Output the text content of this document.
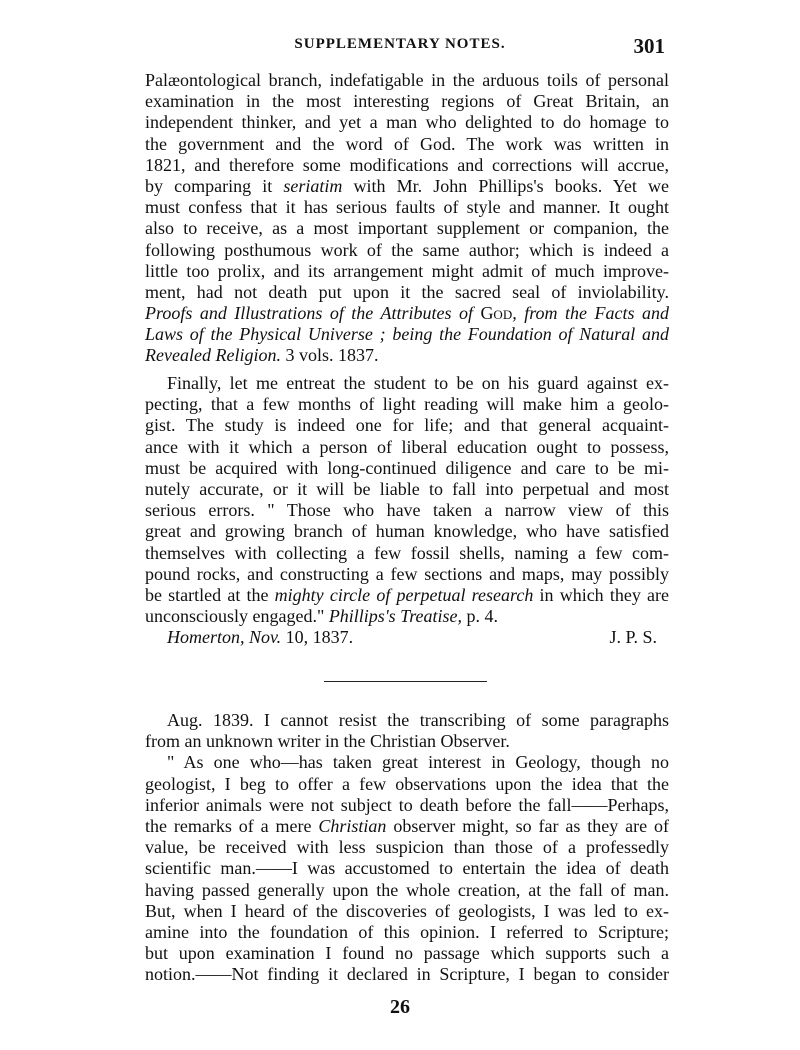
SUPPLEMENTARY NOTES.	301
Palæontological branch, indefatigable in the arduous toils of personal
examination in the most interesting regions of Great Britain, an
independent thinker, and yet a man who delighted to do homage to
the government and the word of God. The work was written in
1821, and therefore some modifications and corrections will accrue,
by comparing it seriatim with Mr. John Phillips's books. Yet we
must confess that it has serious faults of style and manner. It ought
also to receive, as a most important supplement or companion, the
following posthumous work of the same author; which is indeed a
little too prolix, and its arrangement might admit of much improve-
ment, had not death put upon it the sacred seal of inviolability.
Proofs and Illustrations of the Attributes of God, from the Facts and
Laws of the Physical Universe ; being the Foundation of Natural and
Revealed Religion. 3 vols. 1837.
Finally, let me entreat the student to be on his guard against ex-
pecting, that a few months of light reading will make him a geolo-
gist. The study is indeed one for life; and that general acquaint-
ance with it which a person of liberal education ought to possess,
must be acquired with long-continued diligence and care to be mi-
nutely accurate, or it will be liable to fall into perpetual and most
serious errors. " Those who have taken a narrow view of this
great and growing branch of human knowledge, who have satisfied
themselves with collecting a few fossil shells, naming a few com-
pound rocks, and constructing a few sections and maps, may possibly
be startled at the mighty circle of perpetual research in which they are
unconsciously engaged." Phillips's Treatise, p. 4.
Homerton, Nov. 10, 1837.	J. P. S.
Aug. 1839. I cannot resist the transcribing of some paragraphs
from an unknown writer in the Christian Observer.
" As one who—has taken great interest in Geology, though no
geologist, I beg to offer a few observations upon the idea that the
inferior animals were not subject to death before the fall——Perhaps,
the remarks of a mere Christian observer might, so far as they are of
value, be received with less suspicion than those of a professedly
scientific man.——I was accustomed to entertain the idea of death
having passed generally upon the whole creation, at the fall of man.
But, when I heard of the discoveries of geologists, I was led to ex-
amine into the foundation of this opinion. I referred to Scripture;
but upon examination I found no passage which supports such a
notion.——Not finding it declared in Scripture, I began to consider
26
